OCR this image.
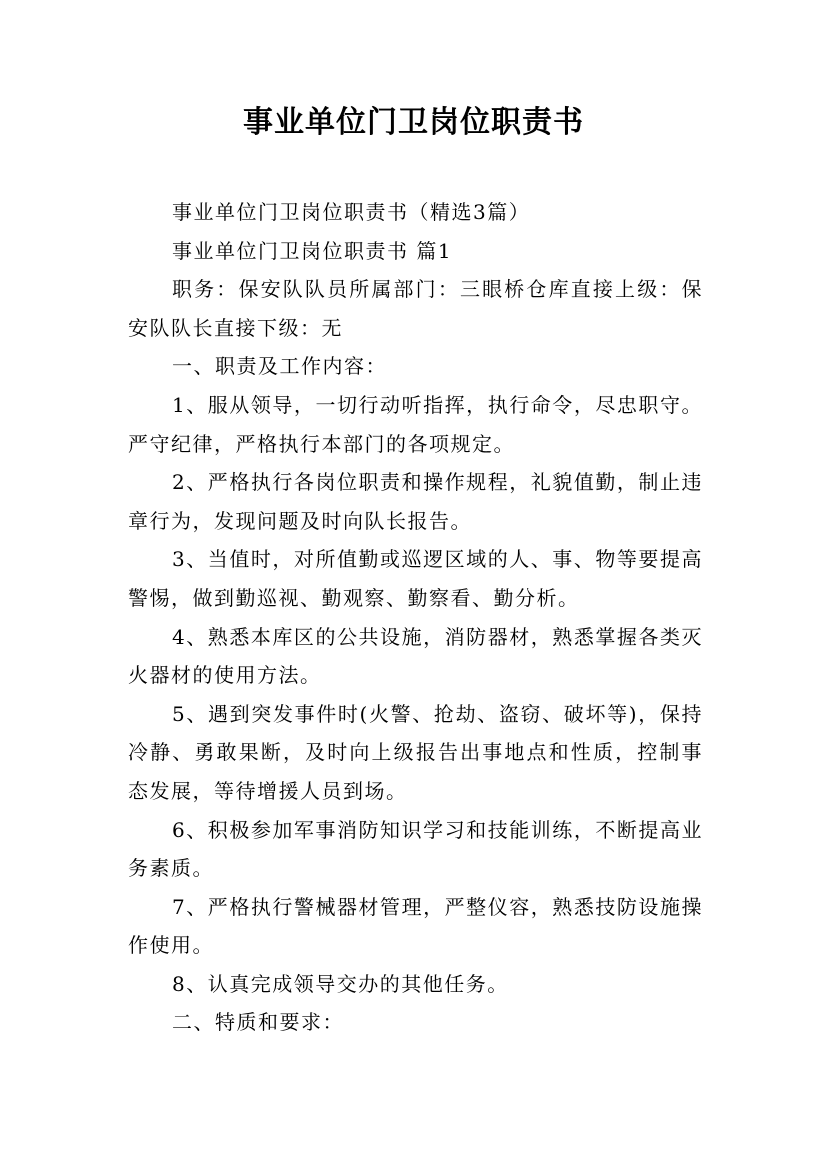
事业单位门卫岗位职责书

事业单位门卫岗位职责书（精选3篇）

事业单位门卫岗位职责书 篇1

职务：保安队队员所属部门：三眼桥仓库直接上级：保安队队长直接下级：无

一、职责及工作内容：

1、服从领导，一切行动听指挥，执行命令，尽忠职守。严守纪律，严格执行本部门的各项规定。

2、严格执行各岗位职责和操作规程，礼貌值勤，制止违章行为，发现问题及时向队长报告。

3、当值时，对所值勤或巡逻区域的人、事、物等要提高警惕，做到勤巡视、勤观察、勤察看、勤分析。

4、熟悉本库区的公共设施，消防器材，熟悉掌握各类灭火器材的使用方法。

5、遇到突发事件时(火警、抢劫、盗窃、破坏等)，保持冷静、勇敢果断，及时向上级报告出事地点和性质，控制事态发展，等待增援人员到场。

6、积极参加军事消防知识学习和技能训练，不断提高业务素质。

7、严格执行警械器材管理，严整仪容，熟悉技防设施操作使用。

8、认真完成领导交办的其他任务。

二、特质和要求：
